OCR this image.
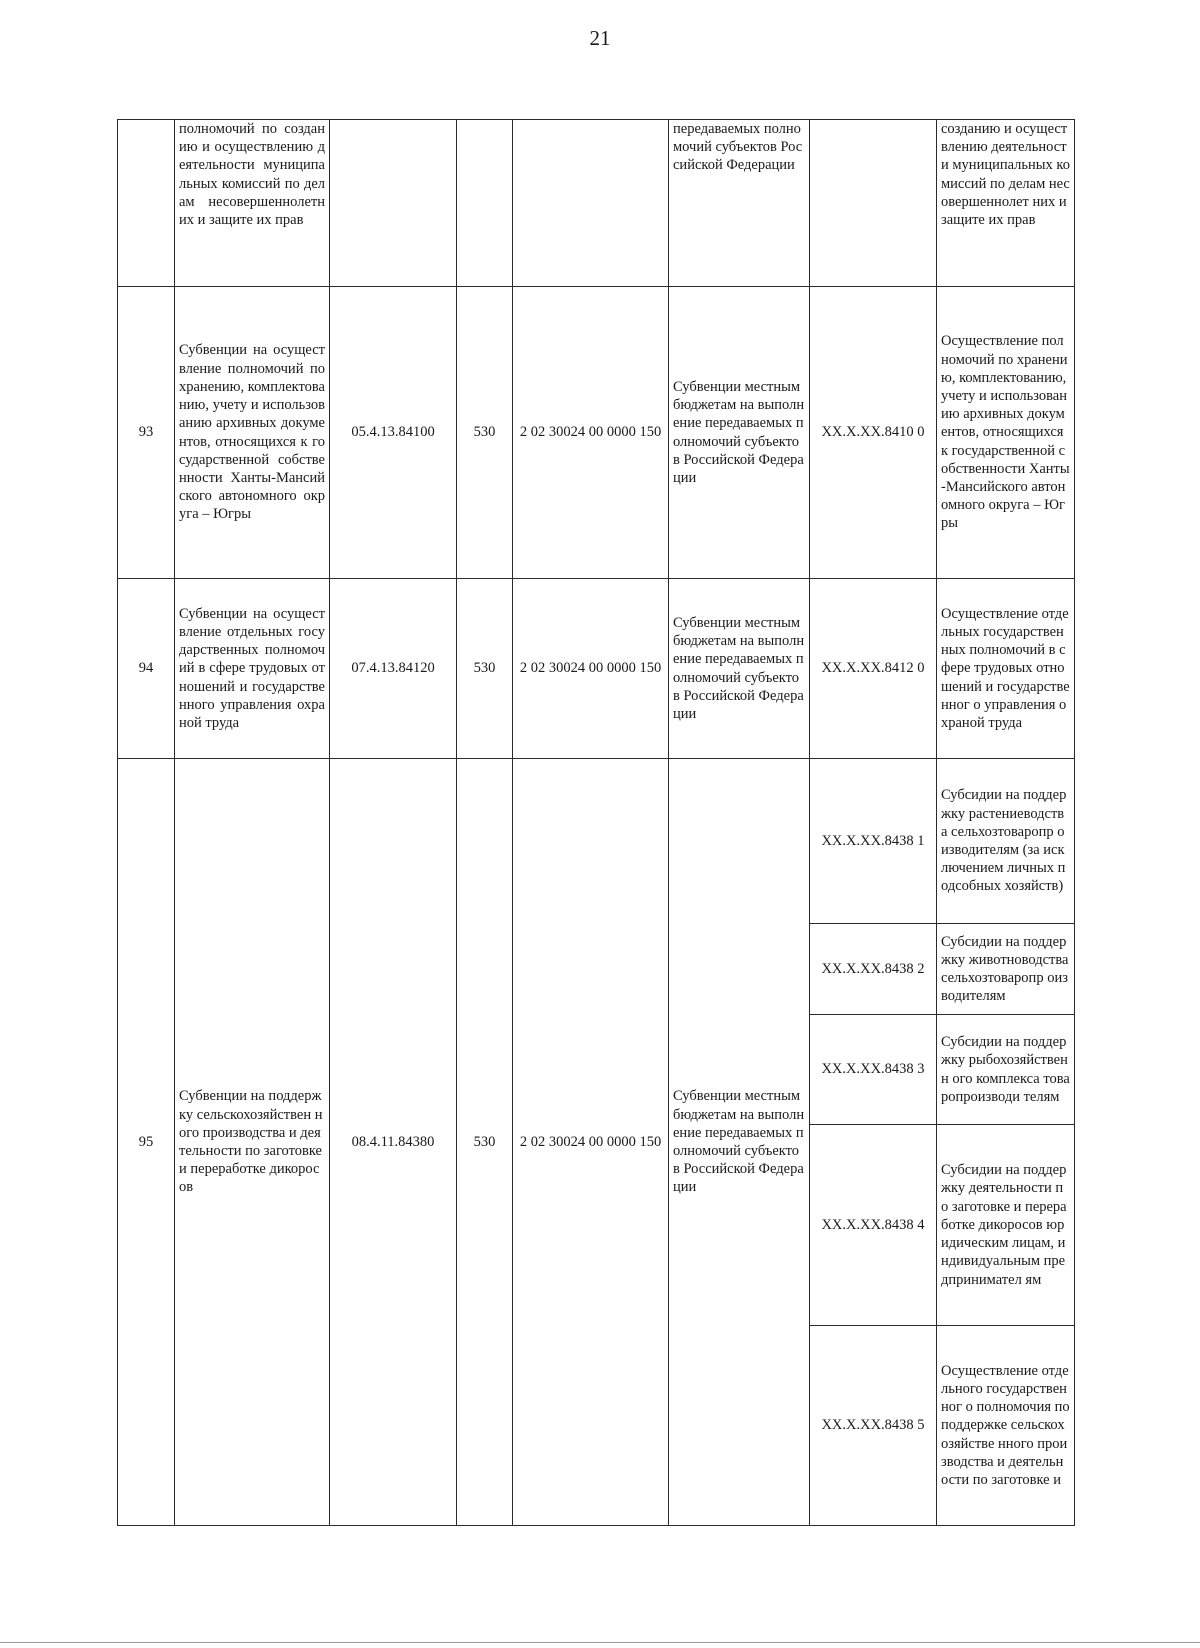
21

	полномочий по созданию и осуществлению деятельности муниципальных комиссий по делам несовершеннолетн их и защите их прав				передаваемых полномочий субъектов Российской Федерации		созданию и осуществлению деятельности муниципальных комиссий по делам несовершеннолет них и защите их прав

93	Субвенции на осуществление полномочий по хранению, комплектованию, учету и использованию архивных документов, относящихся к государственной собственности Ханты-Мансийского автономного округа – Югры	05.4.13.84100	530	2 02 30024 00 0000 150	Субвенции местным бюджетам на выполнение передаваемых полномочий субъектов Российской Федерации	XX.X.XX.8410 0	Осуществление полномочий по хранению, комплектованию, учету и использованию архивных документов, относящихся к государственной собственности Ханты-Мансийского автономного округа – Югры

94	Субвенции на осуществление отдельных государственных полномочий в сфере трудовых отношений и государственного управления охраной труда	07.4.13.84120	530	2 02 30024 00 0000 150	Субвенции местным бюджетам на выполнение передаваемых полномочий субъектов Российской Федерации	XX.X.XX.8412 0	Осуществление отдельных государственных полномочий в сфере трудовых отношений и государственног о управления охраной труда

95	Субвенции на поддержку сельскохозяйствен ного производства и деятельности по заготовке и переработке дикоросов	08.4.11.84380	530	2 02 30024 00 0000 150	Субвенции местным бюджетам на выполнение передаваемых полномочий субъектов Российской Федерации	XX.X.XX.8438 1	Субсидии на поддержку растениеводства сельхозтоваропр оизводителям (за исключением личных подсобных хозяйств)

						XX.X.XX.8438 2	Субсидии на поддержку животноводства сельхозтоваропр оизводителям

						XX.X.XX.8438 3	Субсидии на поддержку рыбохозяйственн ого комплекса товаропроизводи телям

						XX.X.XX.8438 4	Субсидии на поддержку деятельности по заготовке и переработке дикоросов юридическим лицам, индивидуальным предпринимател ям

						XX.X.XX.8438 5	Осуществление отдельного государственног о полномочия по поддержке сельскохозяйстве нного производства и деятельности по заготовке и
